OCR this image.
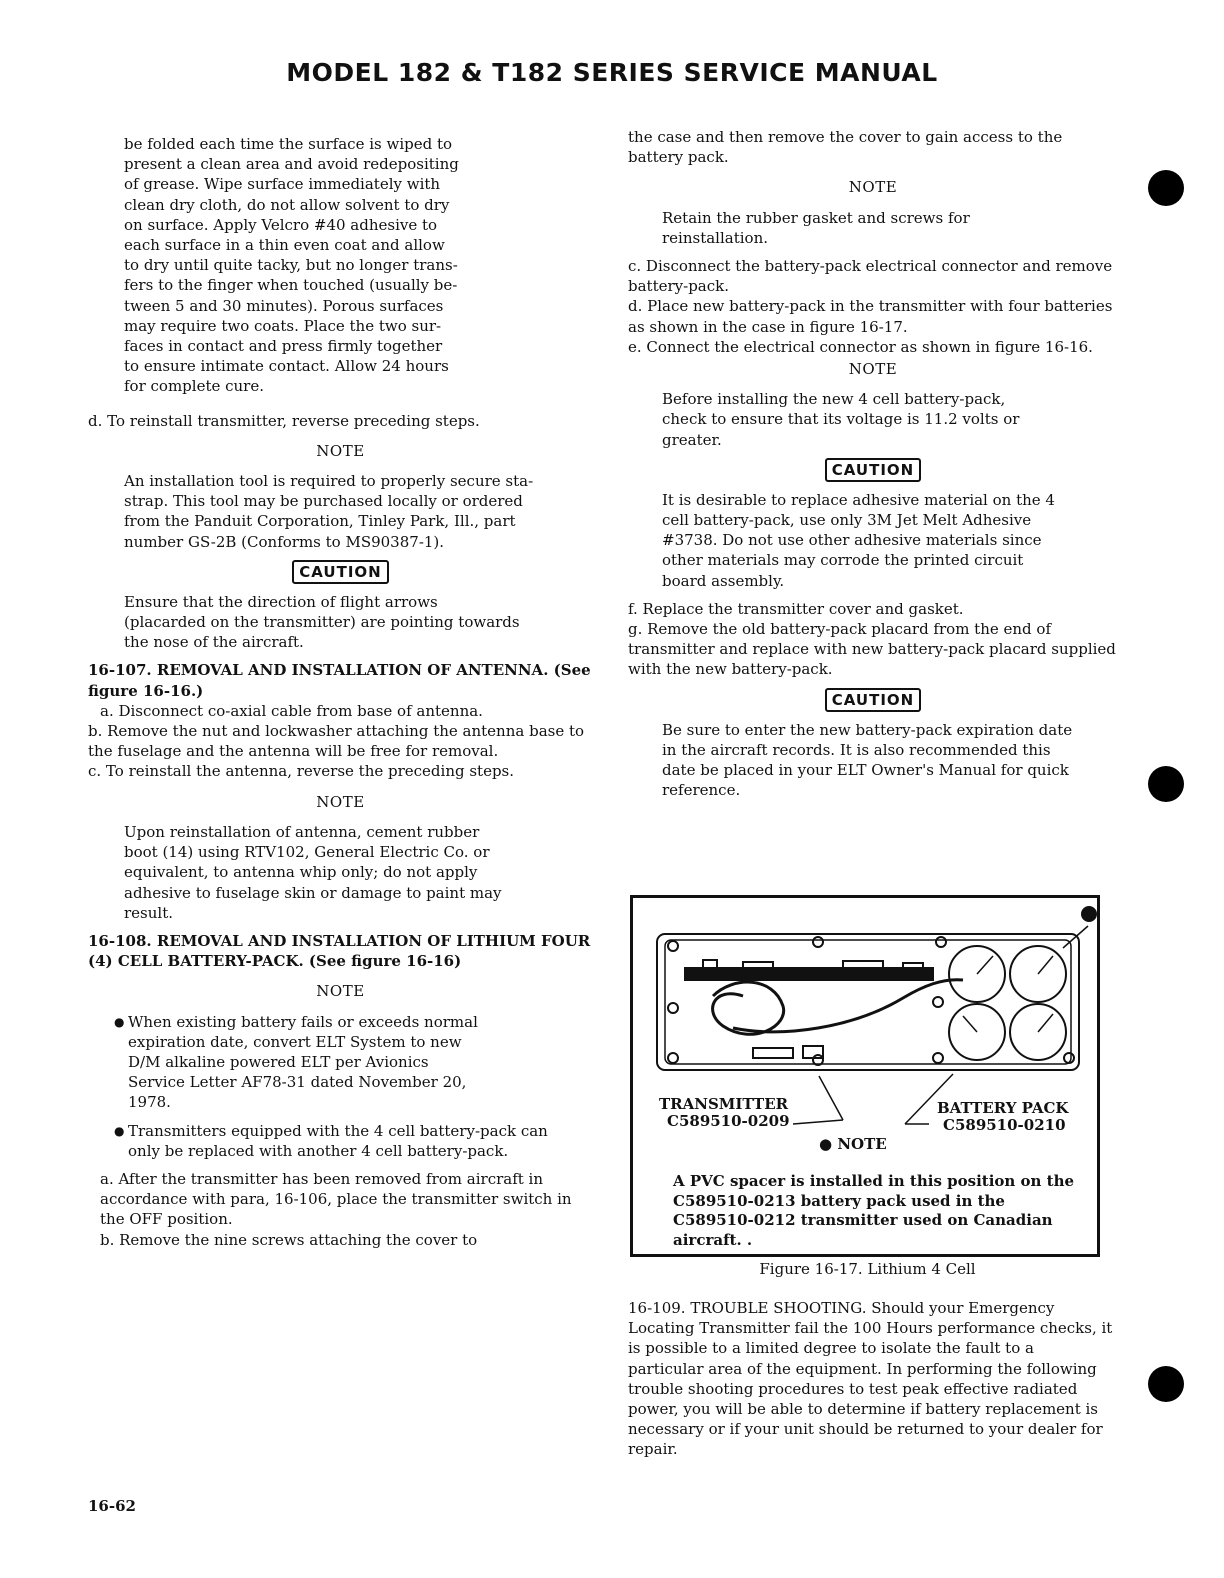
MODEL 182 & T182 SERIES SERVICE MANUAL
be folded each time the surface is wiped to
present a clean area and avoid redepositing
of grease. Wipe surface immediately with
clean dry cloth, do not allow solvent to dry
on surface. Apply Velcro #40 adhesive to
each surface in a thin even coat and allow
to dry until quite tacky, but no longer trans-
fers to the finger when touched (usually be-
tween 5 and 30 minutes). Porous surfaces
may require two coats. Place the two sur-
faces in contact and press firmly together
to ensure intimate contact. Allow 24 hours
for complete cure.

d. To reinstall transmitter, reverse preceding steps.

NOTE

An installation tool is required to properly secure sta-strap. This tool may be purchased locally or ordered from the Panduit Corporation, Tinley Park, Ill., part number GS-2B (Conforms to MS90387-1).

CAUTION

Ensure that the direction of flight arrows (placarded on the transmitter) are pointing towards the nose of the aircraft.

16-107. REMOVAL AND INSTALLATION OF ANTENNA. (See figure 16-16.)

a. Disconnect co-axial cable from base of antenna.

b. Remove the nut and lockwasher attaching the antenna base to the fuselage and the antenna will be free for removal.

c. To reinstall the antenna, reverse the preceding steps.

NOTE

Upon reinstallation of antenna, cement rubber boot (14) using RTV102, General Electric Co. or equivalent, to antenna whip only; do not apply adhesive to fuselage skin or damage to paint may result.

16-108. REMOVAL AND INSTALLATION OF LITHIUM FOUR (4) CELL BATTERY-PACK. (See figure 16-16)

NOTE

● When existing battery fails or exceeds normal expiration date, convert ELT System to new D/M alkaline powered ELT per Avionics Service Letter AF78-31 dated November 20, 1978.

● Transmitters equipped with the 4 cell battery-pack can only be replaced with another 4 cell battery-pack.

a. After the transmitter has been removed from aircraft in accordance with para, 16-106, place the transmitter switch in the OFF position.

b. Remove the nine screws attaching the cover to

the case and then remove the cover to gain access to the battery pack.

NOTE

Retain the rubber gasket and screws for reinstallation.

c. Disconnect the battery-pack electrical connector and remove battery-pack.

d. Place new battery-pack in the transmitter with four batteries as shown in the case in figure 16-17.

e. Connect the electrical connector as shown in figure 16-16.

NOTE

Before installing the new 4 cell battery-pack, check to ensure that its voltage is 11.2 volts or greater.

CAUTION

It is desirable to replace adhesive material on the 4 cell battery-pack, use only 3M Jet Melt Adhesive #3738. Do not use other adhesive materials since other materials may corrode the printed circuit board assembly.

f. Replace the transmitter cover and gasket.

g. Remove the old battery-pack placard from the end of transmitter and replace with new battery-pack placard supplied with the new battery-pack.

CAUTION

Be sure to enter the new battery-pack expiration date in the aircraft records. It is also recommended this date be placed in your ELT Owner's Manual for quick reference.

TRANSMITTER
C589510-0209
BATTERY PACK
C589510-0210
● NOTE
A PVC spacer is installed in this position on the C589510-0213 battery pack used in the C589510-0212 transmitter used on Canadian aircraft. .
Figure 16-17. Lithium 4 Cell

16-109. TROUBLE SHOOTING. Should your Emergency Locating Transmitter fail the 100 Hours performance checks, it is possible to a limited degree to isolate the fault to a particular area of the equipment. In performing the following trouble shooting procedures to test peak effective radiated power, you will be able to determine if battery replacement is necessary or if your unit should be returned to your dealer for repair.

16-62
